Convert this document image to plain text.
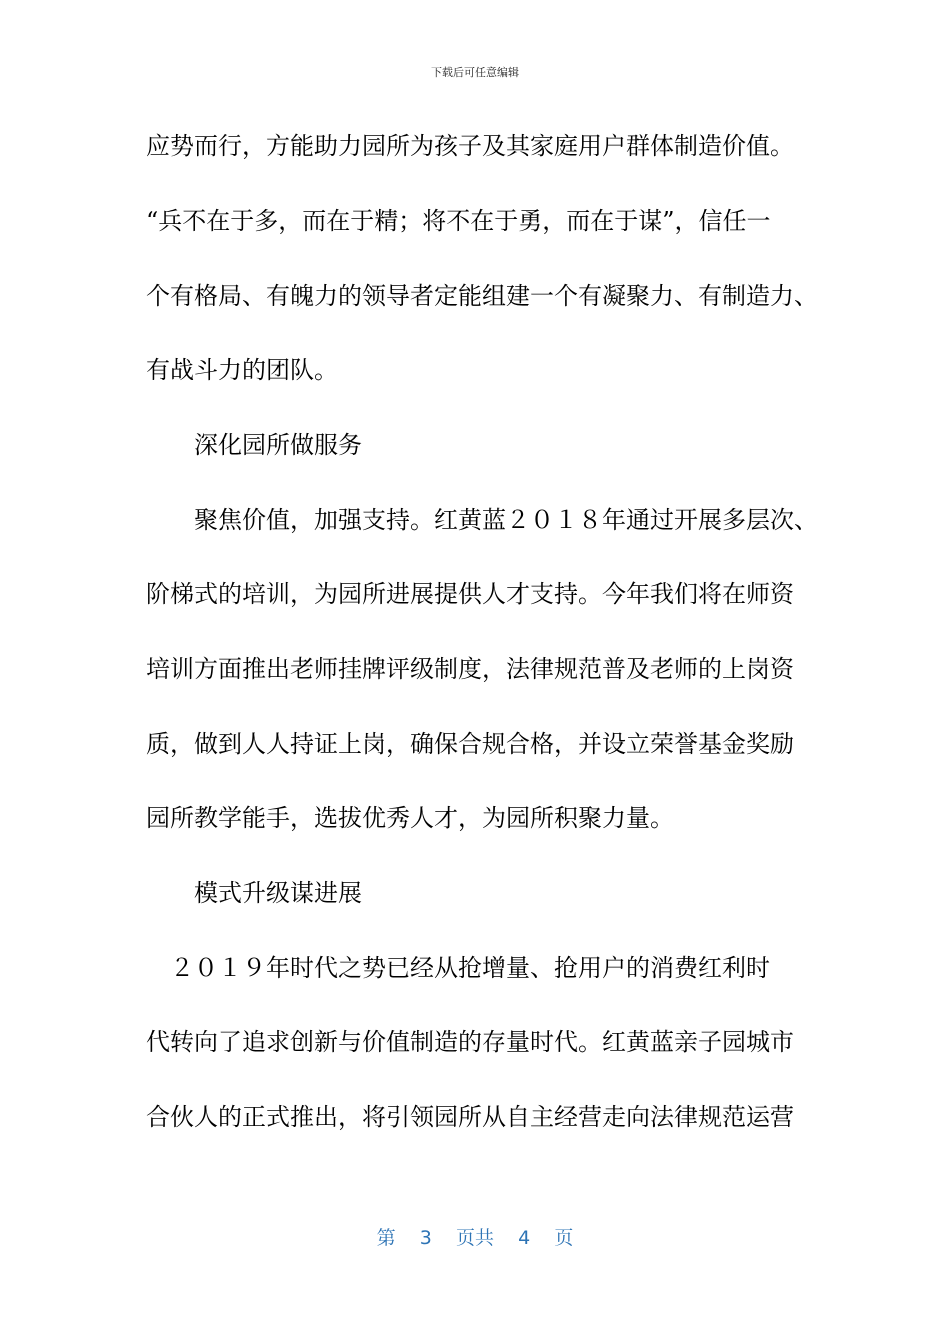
下载后可任意编辑
应势而行，方能助力园所为孩子及其家庭用户群体制造价值。
“兵不在于多，而在于精；将不在于勇，而在于谋”，信任一
个有格局、有魄力的领导者定能组建一个有凝聚力、有制造力、
有战斗力的团队。
　　深化园所做服务
　　聚焦价值，加强支持。红黄蓝２０１８年通过开展多层次、
阶梯式的培训，为园所进展提供人才支持。今年我们将在师资
培训方面推出老师挂牌评级制度，法律规范普及老师的上岗资
质，做到人人持证上岗，确保合规合格，并设立荣誉基金奖励
园所教学能手，选拔优秀人才，为园所积聚力量。
　　模式升级谋进展
　２０１９年时代之势已经从抢增量、抢用户的消费红利时
代转向了追求创新与价值制造的存量时代。红黄蓝亲子园城市
合伙人的正式推出，将引领园所从自主经营走向法律规范运营
第 3 页共 4 页
